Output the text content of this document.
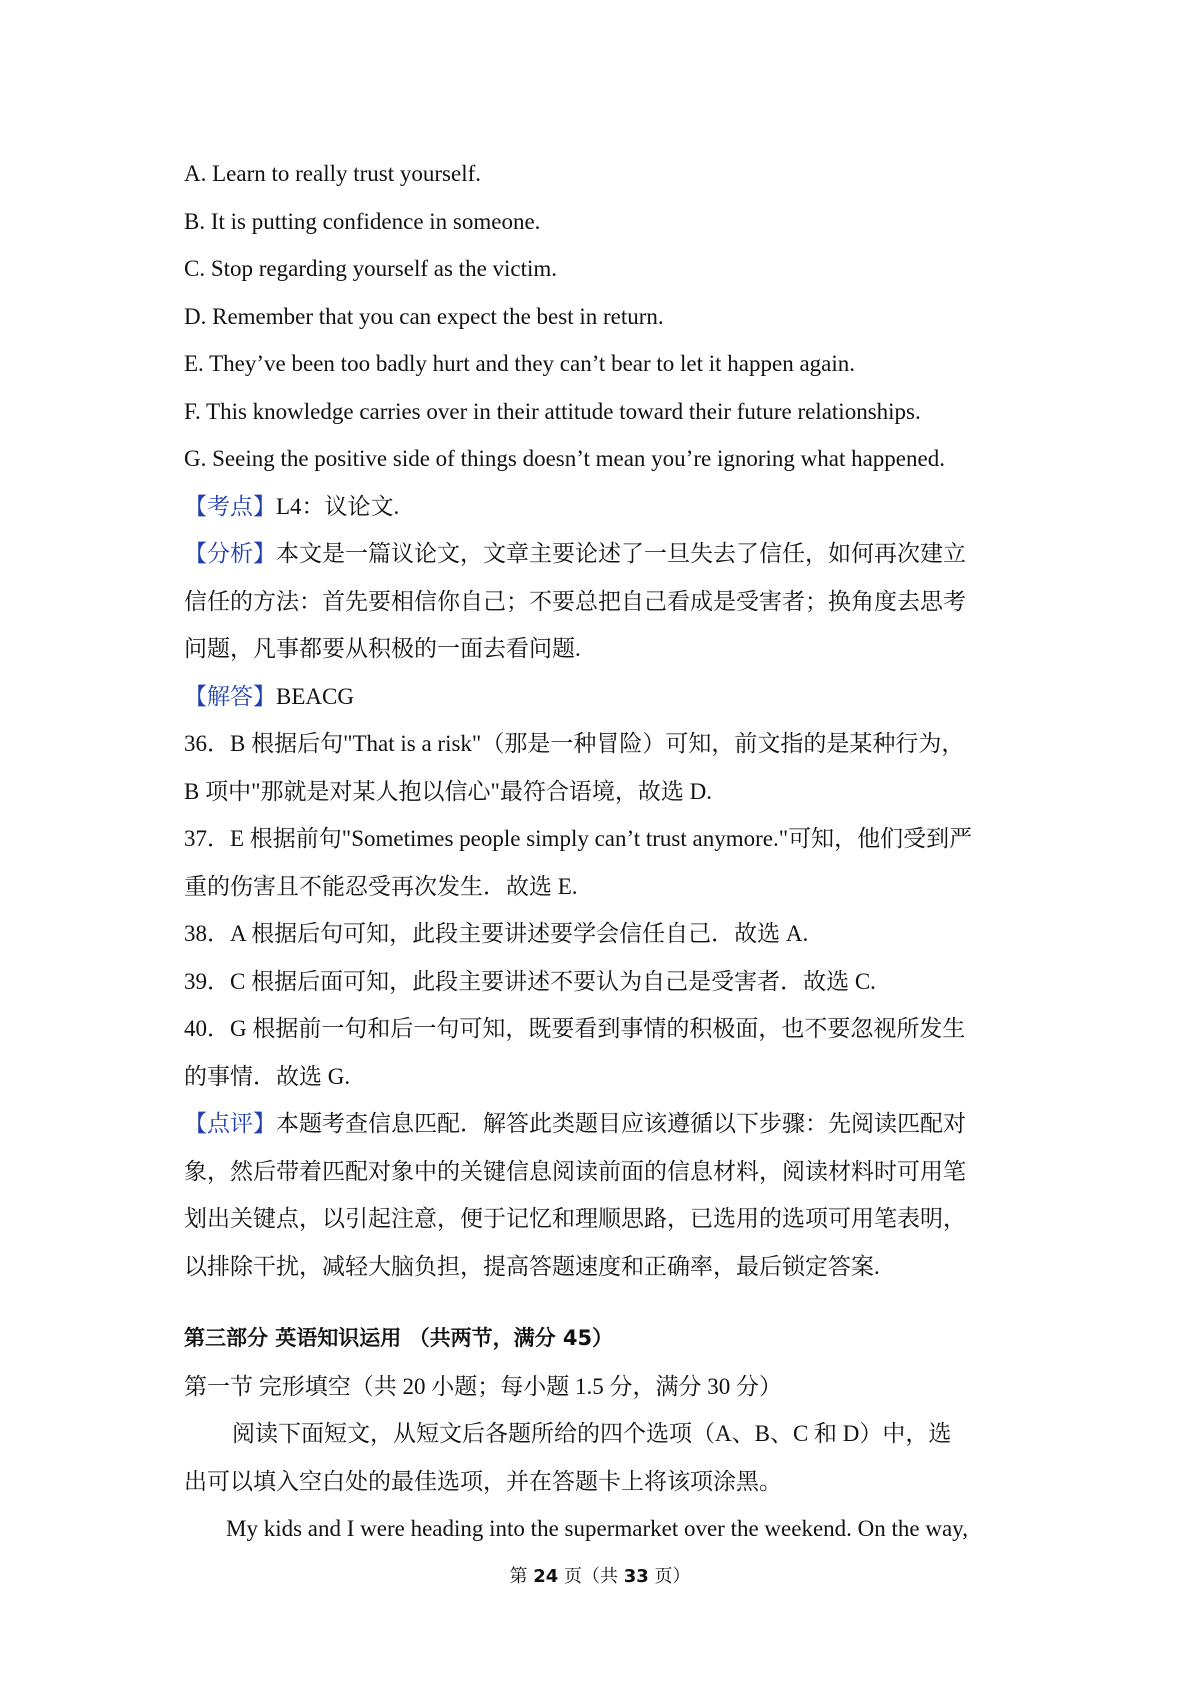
A. Learn to really trust yourself.
B. It is putting confidence in someone.
C. Stop regarding yourself as the victim.
D. Remember that you can expect the best in return.
E. They’ve been too badly hurt and they can’t bear to let it happen again.
F. This knowledge carries over in their attitude toward their future relationships.
G. Seeing the positive side of things doesn’t mean you’re ignoring what happened.
【考点】L4：议论文.
【分析】本文是一篇议论文，文章主要论述了一旦失去了信任，如何再次建立
信任的方法：首先要相信你自己；不要总把自己看成是受害者；换角度去思考
问题，凡事都要从积极的一面去看问题.
【解答】BEACG
36．B 根据后句"That is a risk"（那是一种冒险）可知，前文指的是某种行为，
B 项中"那就是对某人抱以信心"最符合语境，故选 D.
37．E 根据前句"Sometimes people simply can’t trust anymore."可知，他们受到严
重的伤害且不能忍受再次发生．故选 E.
38．A 根据后句可知，此段主要讲述要学会信任自己．故选 A.
39．C 根据后面可知，此段主要讲述不要认为自己是受害者．故选 C.
40．G 根据前一句和后一句可知，既要看到事情的积极面，也不要忽视所发生
的事情．故选 G.
【点评】本题考查信息匹配．解答此类题目应该遵循以下步骤：先阅读匹配对
象，然后带着匹配对象中的关键信息阅读前面的信息材料，阅读材料时可用笔
划出关键点，以引起注意，便于记忆和理顺思路，已选用的选项可用笔表明，
以排除干扰，减轻大脑负担，提高答题速度和正确率，最后锁定答案.
第三部分 英语知识运用 （共两节，满分 45）
第一节 完形填空（共 20 小题；每小题 1.5 分，满分 30 分）
阅读下面短文，从短文后各题所给的四个选项（A、B、C 和 D）中，选
出可以填入空白处的最佳选项，并在答题卡上将该项涂黑。
My kids and I were heading into the supermarket over the weekend. On the way,
第 24 页（共 33 页）
